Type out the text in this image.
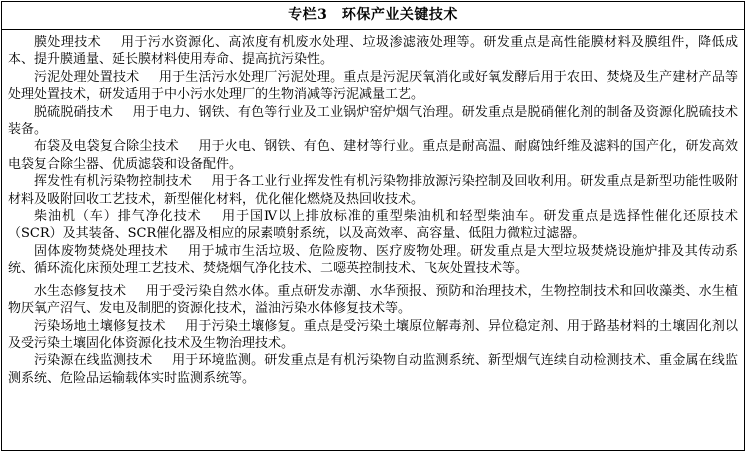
专栏3　环保产业关键技术

膜处理技术 用于污水资源化、高浓度有机废水处理、垃圾渗滤液处理等。研发重点是高性能膜材料及膜组件，降低成本、提升膜通量、延长膜材料使用寿命、提高抗污染性。

污泥处理处置技术 用于生活污水处理厂污泥处理。重点是污泥厌氧消化或好氧发酵后用于农田、焚烧及生产建材产品等处理处置技术，研发适用于中小污水处理厂的生物消减等污泥减量工艺。

脱硫脱硝技术 用于电力、钢铁、有色等行业及工业锅炉窑炉烟气治理。研发重点是脱硝催化剂的制备及资源化脱硫技术装备。

布袋及电袋复合除尘技术 用于火电、钢铁、有色、建材等行业。重点是耐高温、耐腐蚀纤维及滤料的国产化，研发高效电袋复合除尘器、优质滤袋和设备配件。

挥发性有机污染物控制技术 用于各工业行业挥发性有机污染物排放源污染控制及回收利用。研发重点是新型功能性吸附材料及吸附回收工艺技术，新型催化材料，优化催化燃烧及热回收技术。

柴油机（车）排气净化技术 用于国Ⅳ以上排放标准的重型柴油机和轻型柴油车。研发重点是选择性催化还原技术（SCR）及其装备、SCR催化器及相应的尿素喷射系统，以及高效率、高容量、低阻力微粒过滤器。

固体废物焚烧处理技术 用于城市生活垃圾、危险废物、医疗废物处理。研发重点是大型垃圾焚烧设施炉排及其传动系统、循环流化床预处理工艺技术、焚烧烟气净化技术、二噁英控制技术、飞灰处置技术等。

水生态修复技术 用于受污染自然水体。重点研发赤潮、水华预报、预防和治理技术，生物控制技术和回收藻类、水生植物厌氧产沼气、发电及制肥的资源化技术，溢油污染水体修复技术等。

污染场地土壤修复技术 用于污染土壤修复。重点是受污染土壤原位解毒剂、异位稳定剂、用于路基材料的土壤固化剂以及受污染土壤固化体资源化技术及生物治理技术。

污染源在线监测技术 用于环境监测。研发重点是有机污染物自动监测系统、新型烟气连续自动检测技术、重金属在线监测系统、危险品运输载体实时监测系统等。
